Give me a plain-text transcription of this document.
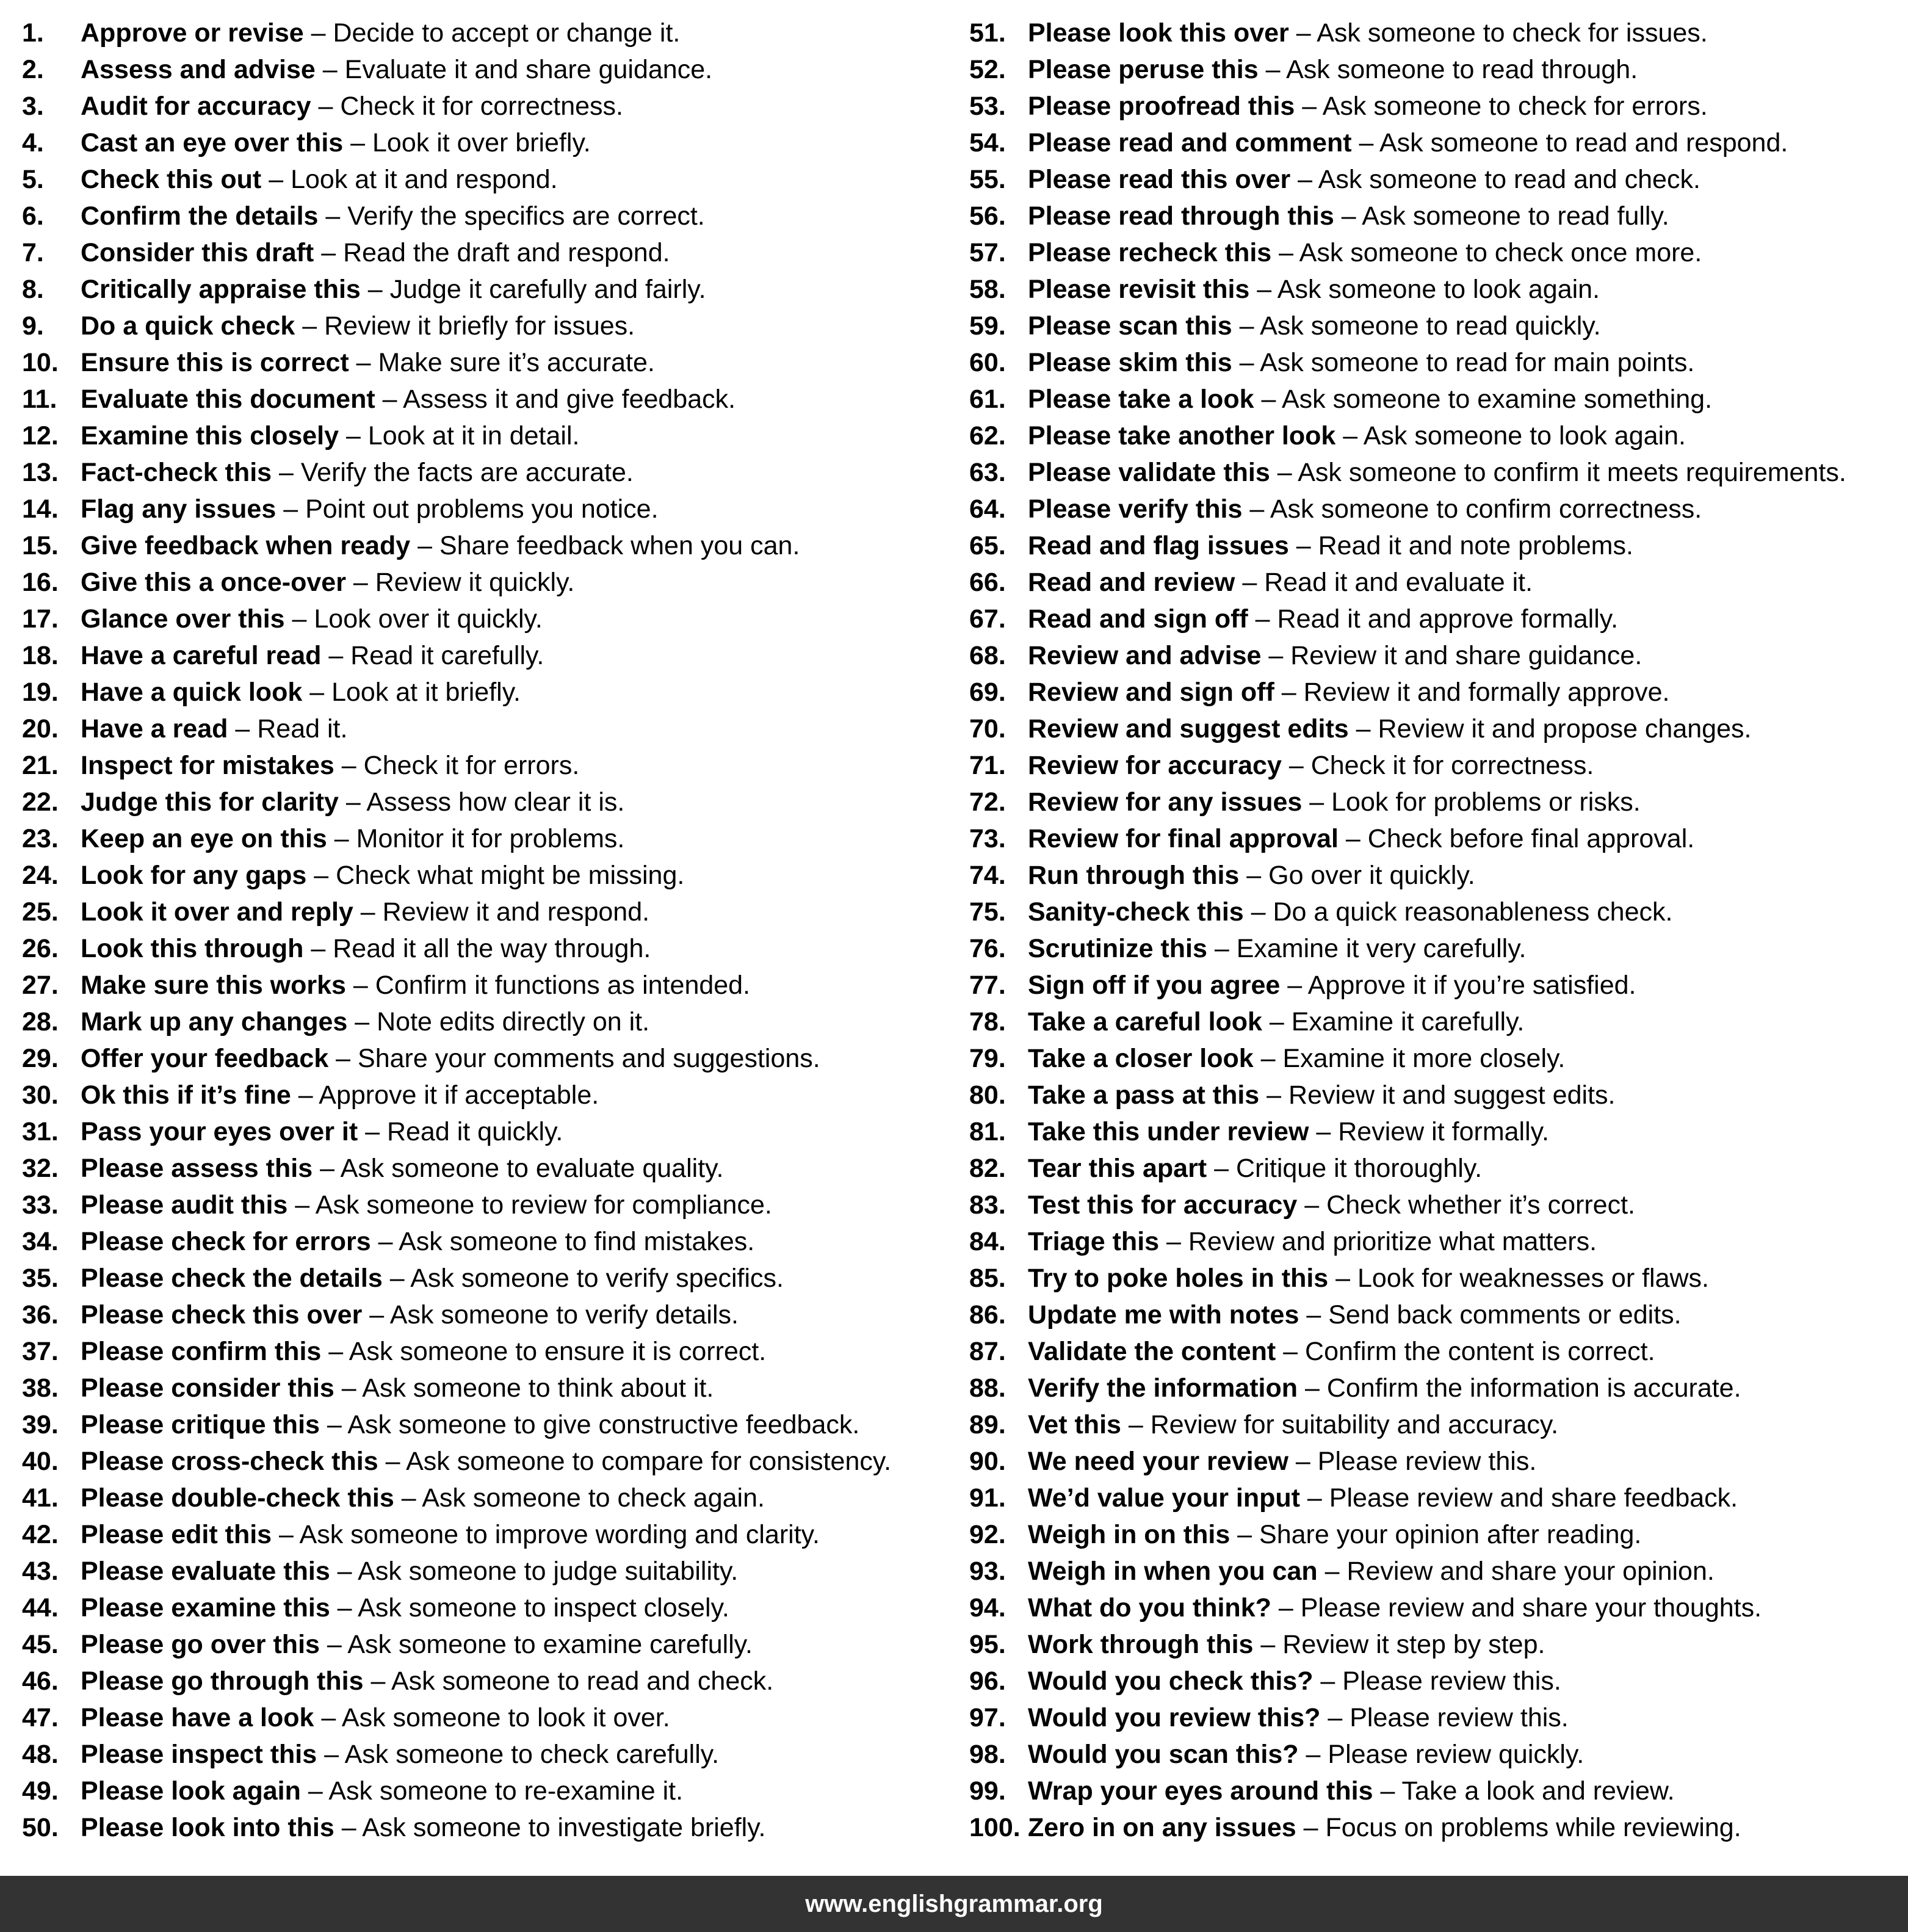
1. Approve or revise – Decide to accept or change it.
2. Assess and advise – Evaluate it and share guidance.
3. Audit for accuracy – Check it for correctness.
4. Cast an eye over this – Look it over briefly.
5. Check this out – Look at it and respond.
6. Confirm the details – Verify the specifics are correct.
7. Consider this draft – Read the draft and respond.
8. Critically appraise this – Judge it carefully and fairly.
9. Do a quick check – Review it briefly for issues.
10. Ensure this is correct – Make sure it’s accurate.
11. Evaluate this document – Assess it and give feedback.
12. Examine this closely – Look at it in detail.
13. Fact-check this – Verify the facts are accurate.
14. Flag any issues – Point out problems you notice.
15. Give feedback when ready – Share feedback when you can.
16. Give this a once-over – Review it quickly.
17. Glance over this – Look over it quickly.
18. Have a careful read – Read it carefully.
19. Have a quick look – Look at it briefly.
20. Have a read – Read it.
21. Inspect for mistakes – Check it for errors.
22. Judge this for clarity – Assess how clear it is.
23. Keep an eye on this – Monitor it for problems.
24. Look for any gaps – Check what might be missing.
25. Look it over and reply – Review it and respond.
26. Look this through – Read it all the way through.
27. Make sure this works – Confirm it functions as intended.
28. Mark up any changes – Note edits directly on it.
29. Offer your feedback – Share your comments and suggestions.
30. Ok this if it’s fine – Approve it if acceptable.
31. Pass your eyes over it – Read it quickly.
32. Please assess this – Ask someone to evaluate quality.
33. Please audit this – Ask someone to review for compliance.
34. Please check for errors – Ask someone to find mistakes.
35. Please check the details – Ask someone to verify specifics.
36. Please check this over – Ask someone to verify details.
37. Please confirm this – Ask someone to ensure it is correct.
38. Please consider this – Ask someone to think about it.
39. Please critique this – Ask someone to give constructive feedback.
40. Please cross-check this – Ask someone to compare for consistency.
41. Please double-check this – Ask someone to check again.
42. Please edit this – Ask someone to improve wording and clarity.
43. Please evaluate this – Ask someone to judge suitability.
44. Please examine this – Ask someone to inspect closely.
45. Please go over this – Ask someone to examine carefully.
46. Please go through this – Ask someone to read and check.
47. Please have a look – Ask someone to look it over.
48. Please inspect this – Ask someone to check carefully.
49. Please look again – Ask someone to re-examine it.
50. Please look into this – Ask someone to investigate briefly.
51. Please look this over – Ask someone to check for issues.
52. Please peruse this – Ask someone to read through.
53. Please proofread this – Ask someone to check for errors.
54. Please read and comment – Ask someone to read and respond.
55. Please read this over – Ask someone to read and check.
56. Please read through this – Ask someone to read fully.
57. Please recheck this – Ask someone to check once more.
58. Please revisit this – Ask someone to look again.
59. Please scan this – Ask someone to read quickly.
60. Please skim this – Ask someone to read for main points.
61. Please take a look – Ask someone to examine something.
62. Please take another look – Ask someone to look again.
63. Please validate this – Ask someone to confirm it meets requirements.
64. Please verify this – Ask someone to confirm correctness.
65. Read and flag issues – Read it and note problems.
66. Read and review – Read it and evaluate it.
67. Read and sign off – Read it and approve formally.
68. Review and advise – Review it and share guidance.
69. Review and sign off – Review it and formally approve.
70. Review and suggest edits – Review it and propose changes.
71. Review for accuracy – Check it for correctness.
72. Review for any issues – Look for problems or risks.
73. Review for final approval – Check before final approval.
74. Run through this – Go over it quickly.
75. Sanity-check this – Do a quick reasonableness check.
76. Scrutinize this – Examine it very carefully.
77. Sign off if you agree – Approve it if you’re satisfied.
78. Take a careful look – Examine it carefully.
79. Take a closer look – Examine it more closely.
80. Take a pass at this – Review it and suggest edits.
81. Take this under review – Review it formally.
82. Tear this apart – Critique it thoroughly.
83. Test this for accuracy – Check whether it’s correct.
84. Triage this – Review and prioritize what matters.
85. Try to poke holes in this – Look for weaknesses or flaws.
86. Update me with notes – Send back comments or edits.
87. Validate the content – Confirm the content is correct.
88. Verify the information – Confirm the information is accurate.
89. Vet this – Review for suitability and accuracy.
90. We need your review – Please review this.
91. We’d value your input – Please review and share feedback.
92. Weigh in on this – Share your opinion after reading.
93. Weigh in when you can – Review and share your opinion.
94. What do you think? – Please review and share your thoughts.
95. Work through this – Review it step by step.
96. Would you check this? – Please review this.
97. Would you review this? – Please review this.
98. Would you scan this? – Please review quickly.
99. Wrap your eyes around this – Take a look and review.
100. Zero in on any issues – Focus on problems while reviewing.
www.englishgrammar.org
